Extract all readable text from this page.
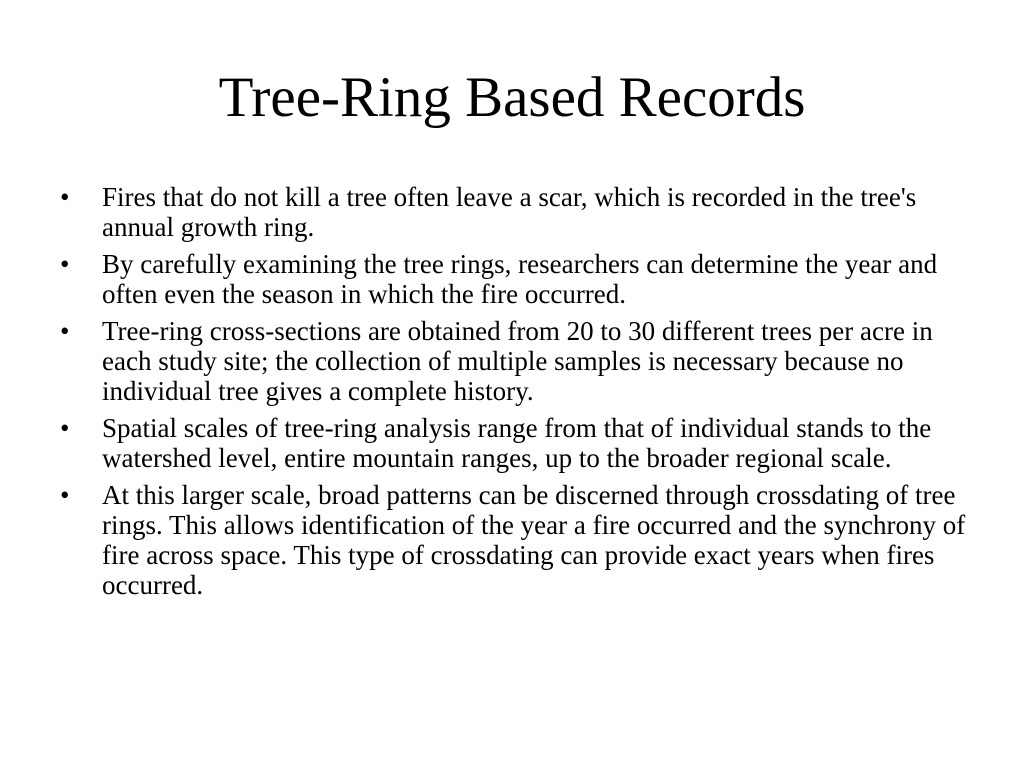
Tree-Ring Based Records
•	Fires that do not kill a tree often leave a scar, which is recorded in the tree's annual growth ring.
•	By carefully examining the tree rings, researchers can determine the year and often even the season in which the fire occurred.
•	Tree-ring cross-sections are obtained from 20 to 30 different trees per acre in each study site; the collection of multiple samples is necessary because no individual tree gives a complete history.
•	Spatial scales of tree-ring analysis range from that of individual stands to the watershed level, entire mountain ranges, up to the broader regional scale.
•	At this larger scale, broad patterns can be discerned through crossdating of tree rings. This allows identification of the year a fire occurred and the synchrony of fire across space. This type of crossdating can provide exact years when fires occurred.
